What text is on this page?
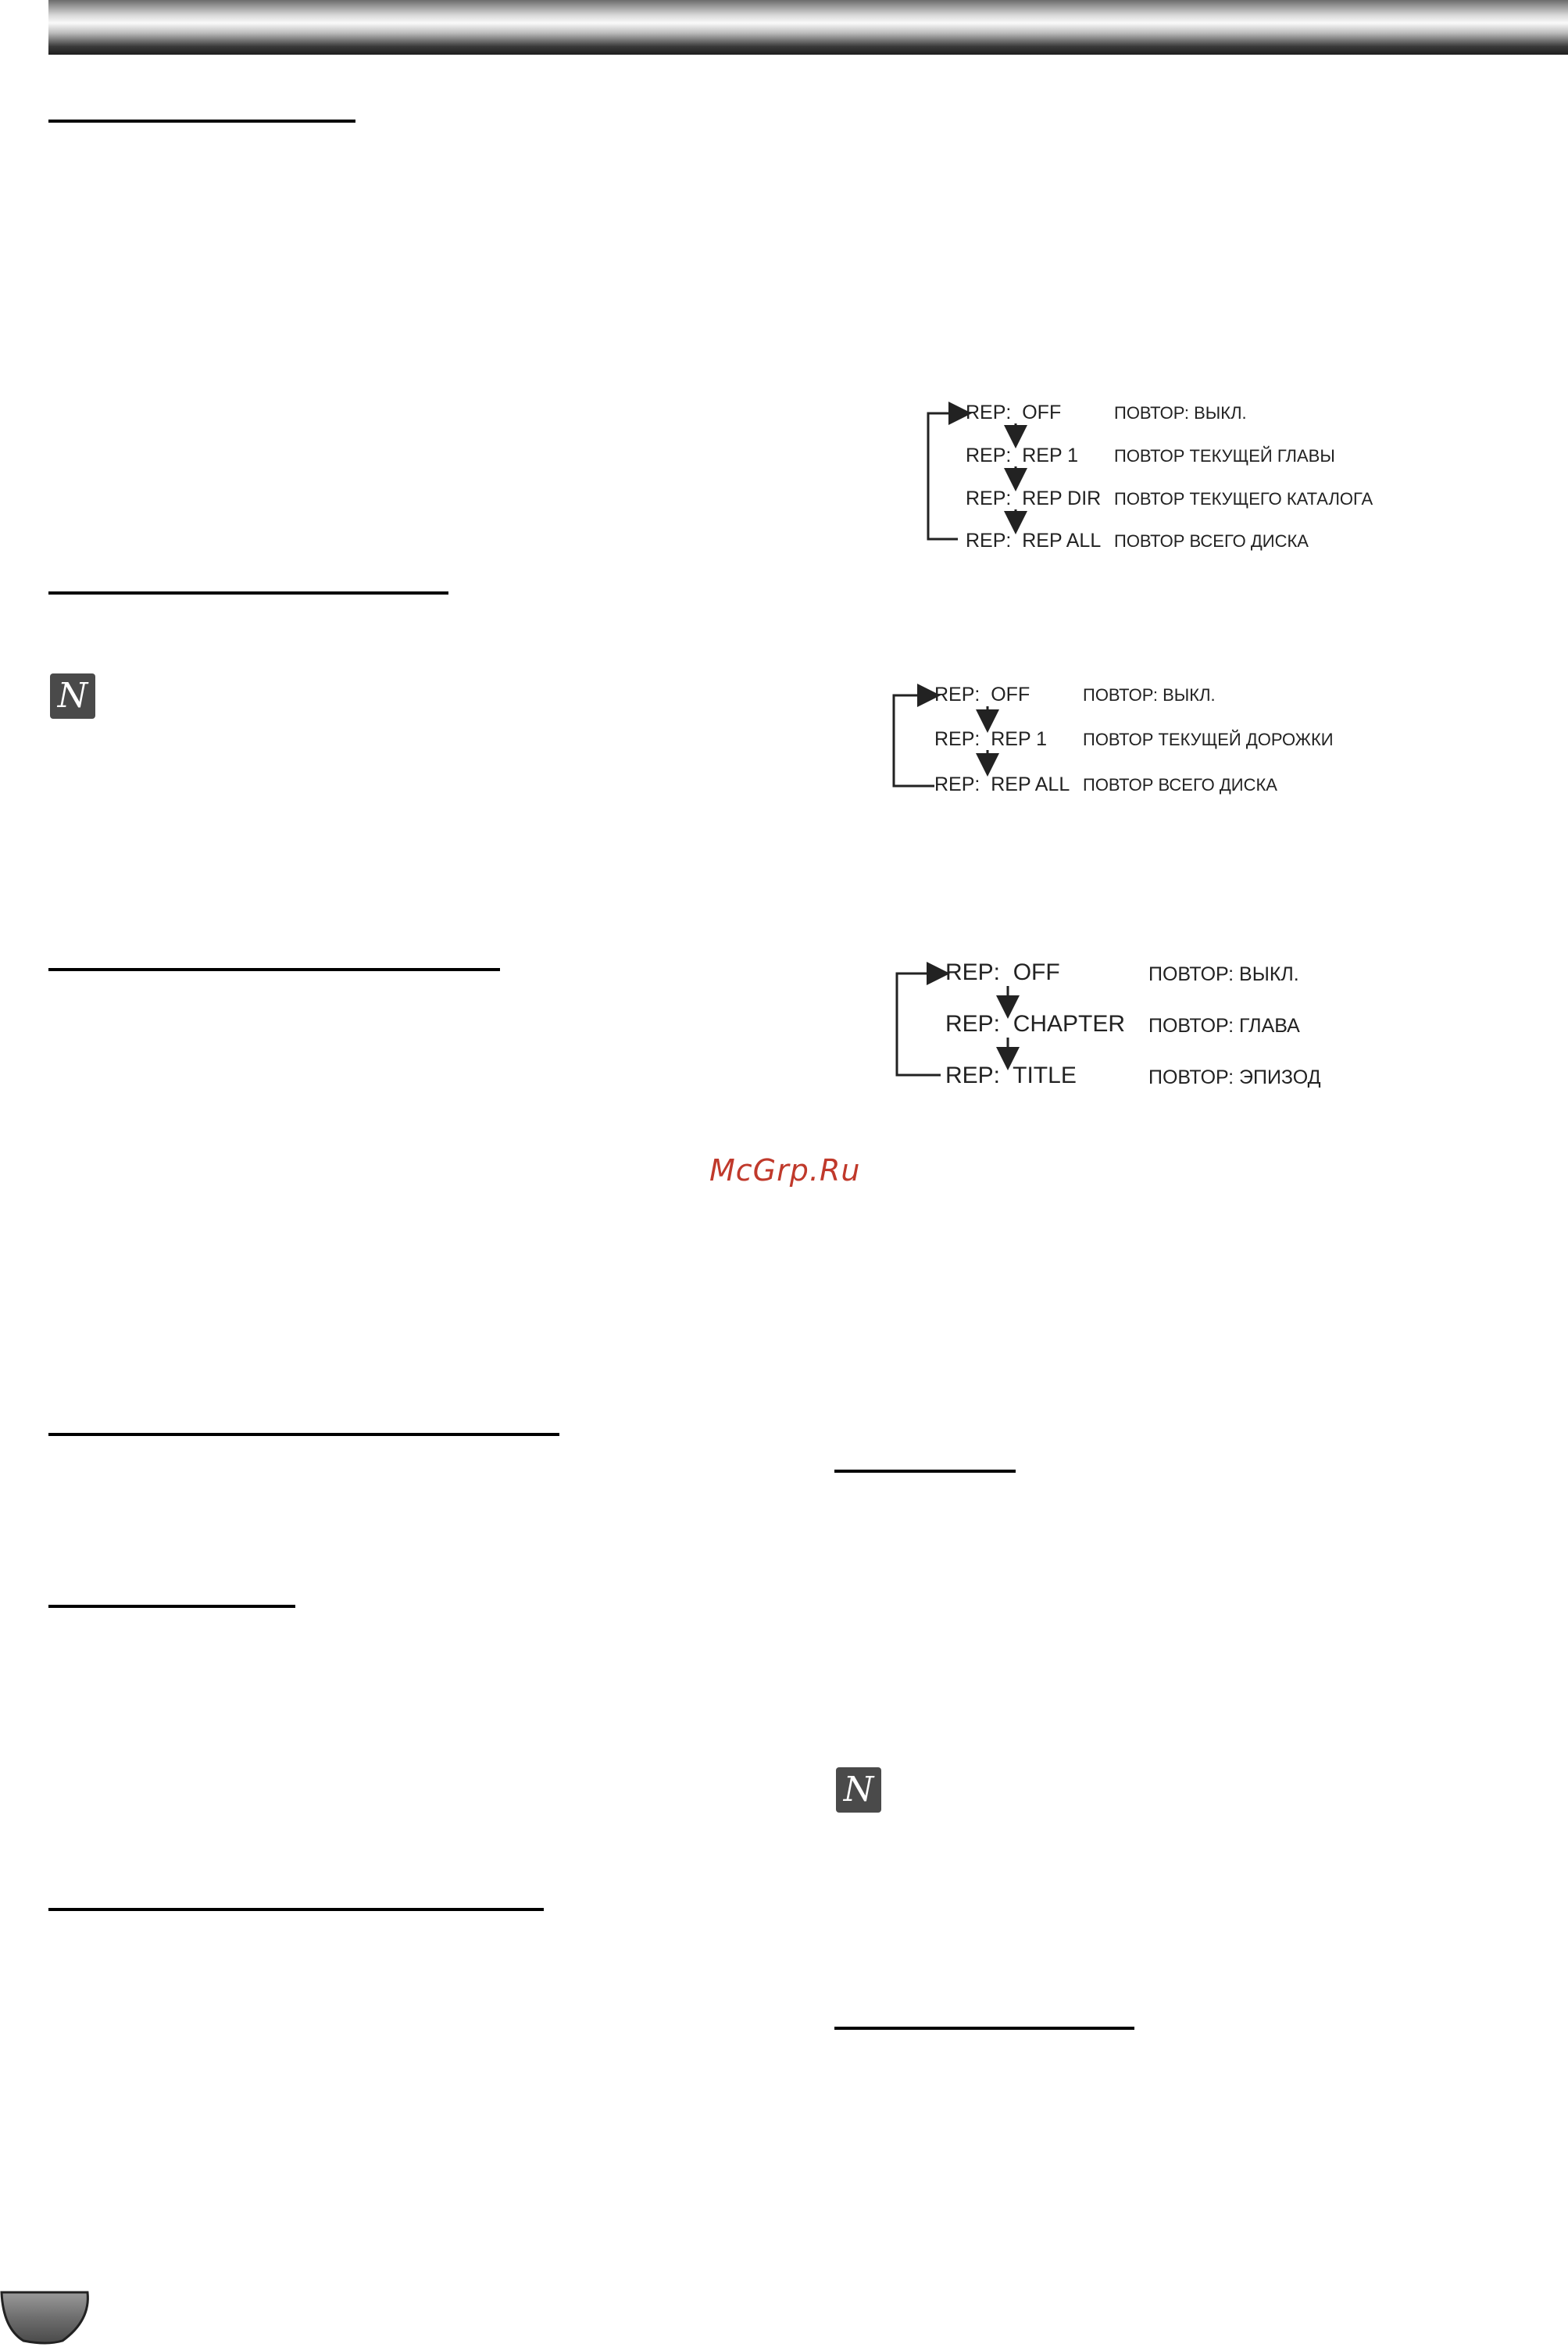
N
N
REP:  OFF	ПОВТОР: ВЫКЛ.
REP:  REP 1 ПОВТОР ТЕКУЩЕЙ ГЛАВЫ
REP:  REP DIR ПОВТОР ТЕКУЩЕГО КАТАЛОГА
REP:  REP ALL ПОВТОР ВСЕГО ДИСКА
REP:  OFF	ПОВТОР: ВЫКЛ.
REP:  REP 1 ПОВТОР ТЕКУЩЕЙ ДОРОЖКИ
REP:  REP ALL ПОВТОР ВСЕГО ДИСКА
REP:  OFF	ПОВТОР: ВЫКЛ.
REP:  CHAPTER ПОВТОР: ГЛАВА
REP:  TITLE	ПОВТОР: ЭПИЗОД
McGrp.Ru
